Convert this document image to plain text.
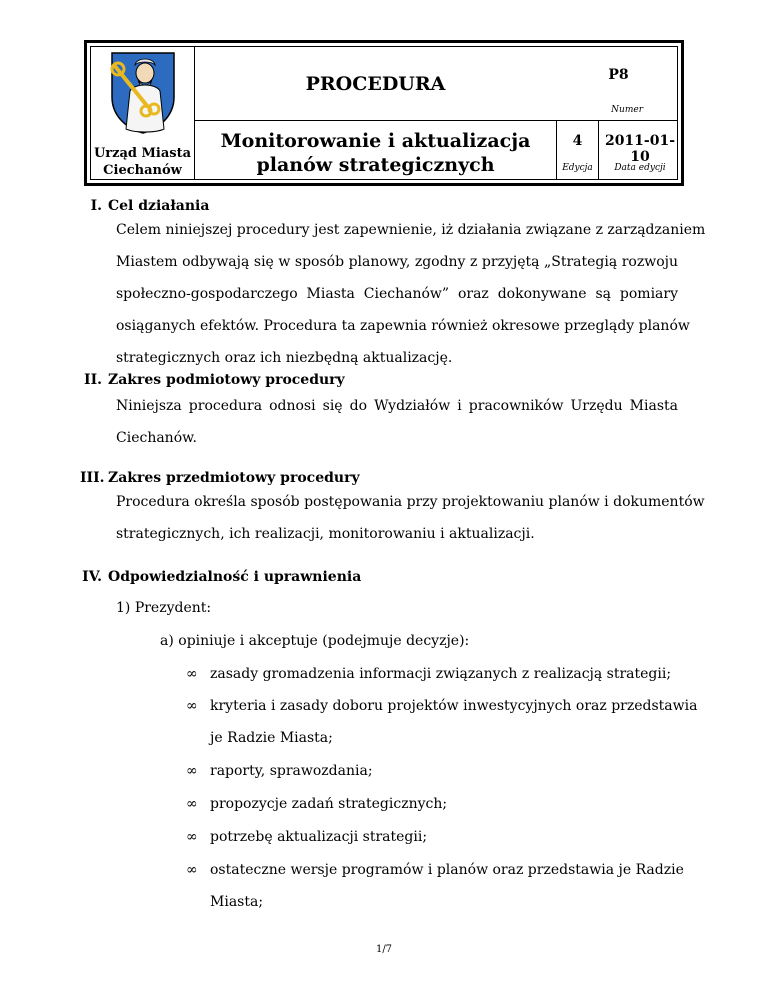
Urząd Miasta
Ciechanów
PROCEDURA	P8
Numer
Monitorowanie i aktualizacja
planów strategicznych
4
Edycja
2011-01-10
Data edycji
I. Cel działania
Celem niniejszej procedury jest zapewnienie, iż działania związane z zarządzaniem
Miastem odbywają się w sposób planowy, zgodny z przyjętą „Strategią rozwoju
społeczno-gospodarczego Miasta Ciechanów” oraz dokonywane są pomiary
osiąganych efektów. Procedura ta zapewnia również okresowe przeglądy planów
strategicznych oraz ich niezbędną aktualizację.
II. Zakres podmiotowy procedury
Niniejsza procedura odnosi się do Wydziałów i pracowników Urzędu Miasta
Ciechanów.
III. Zakres przedmiotowy procedury
Procedura określa sposób postępowania przy projektowaniu planów i dokumentów
strategicznych, ich realizacji, monitorowaniu i aktualizacji.
IV. Odpowiedzialność i uprawnienia
1) Prezydent:
a) opiniuje i akceptuje (podejmuje decyzje):
∞ zasady gromadzenia informacji związanych z realizacją strategii;
∞ kryteria i zasady doboru projektów inwestycyjnych oraz przedstawia
je Radzie Miasta;
∞ raporty, sprawozdania;
∞ propozycje zadań strategicznych;
∞ potrzebę aktualizacji strategii;
∞ ostateczne wersje programów i planów oraz przedstawia je Radzie
Miasta;
1/7
